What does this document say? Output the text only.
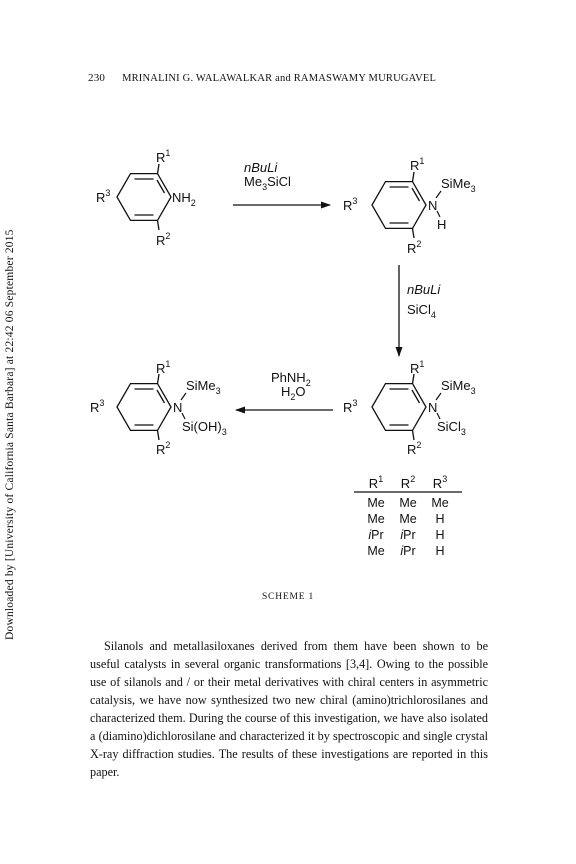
230 MRINALINI G. WALAWALKAR and RAMASWAMY MURUGAVEL
Downloaded by [University of California Santa Barbara] at 22:42 06 September 2015
$R^1$
$R^2$
$R^3$	$NH_2$
nBuLi
$Me_3SiCl$
$R^1$
$R^2$
$R^3$	N
SiMe$_3$
H
nBuLi
SiCl$_4$
$R^1$
$R^2$
$R^3$	N
SiMe$_3$
SiCl$_3$
PhNH$_2$
$H_2O$
$R^1$
$R^2$
$R^3$	N
SiMe$_3$
$Si(OH)_3$
$R^1$ $R^2$ $R^3$
Me Me Me
Me Me H
iPr iPr H
Me iPr H
SCHEME 1

Silanols and metallasiloxanes derived from them have been shown to be useful catalysts in several organic transformations [3,4]. Owing to the possible use of silanols and / or their metal derivatives with chiral centers in asymmetric catalysis, we have now synthesized two new chiral (amino)trichlorosilanes and characterized them. During the course of this investigation, we have also isolated a (diamino)dichlorosilane and characterized it by spectroscopic and single crystal X-ray diffraction studies. The results of these investigations are reported in this paper.
